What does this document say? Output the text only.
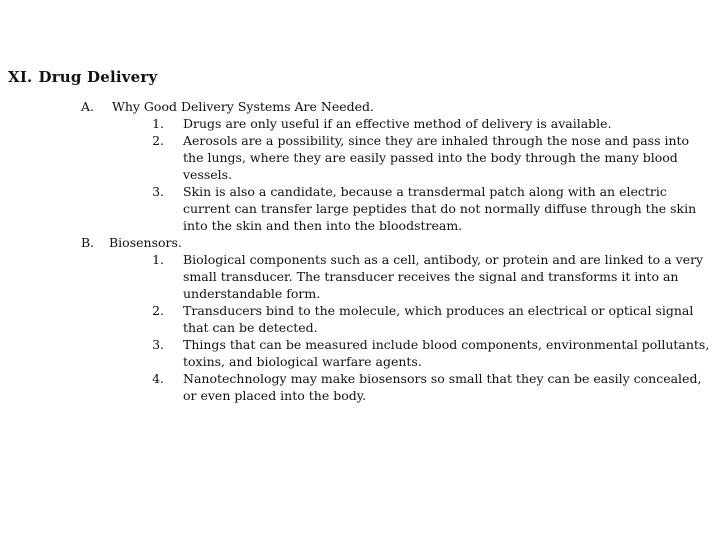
XI. Drug Delivery
A. Why Good Delivery Systems Are Needed.
1. Drugs are only useful if an effective method of delivery is available.
2. Aerosols are a possibility, since they are inhaled through the nose and pass into the lungs, where they are easily passed into the body through the many blood vessels.
3. Skin is also a candidate, because a transdermal patch along with an electric current can transfer large peptides that do not normally diffuse through the skin into the skin and then into the bloodstream.
B. Biosensors.
1. Biological components such as a cell, antibody, or protein and are linked to a very small transducer. The transducer receives the signal and transforms it into an understandable form.
2. Transducers bind to the molecule, which produces an electrical or optical signal that can be detected.
3. Things that can be measured include blood components, environmental pollutants, toxins, and biological warfare agents.
4. Nanotechnology may make biosensors so small that they can be easily concealed, or even placed into the body.
